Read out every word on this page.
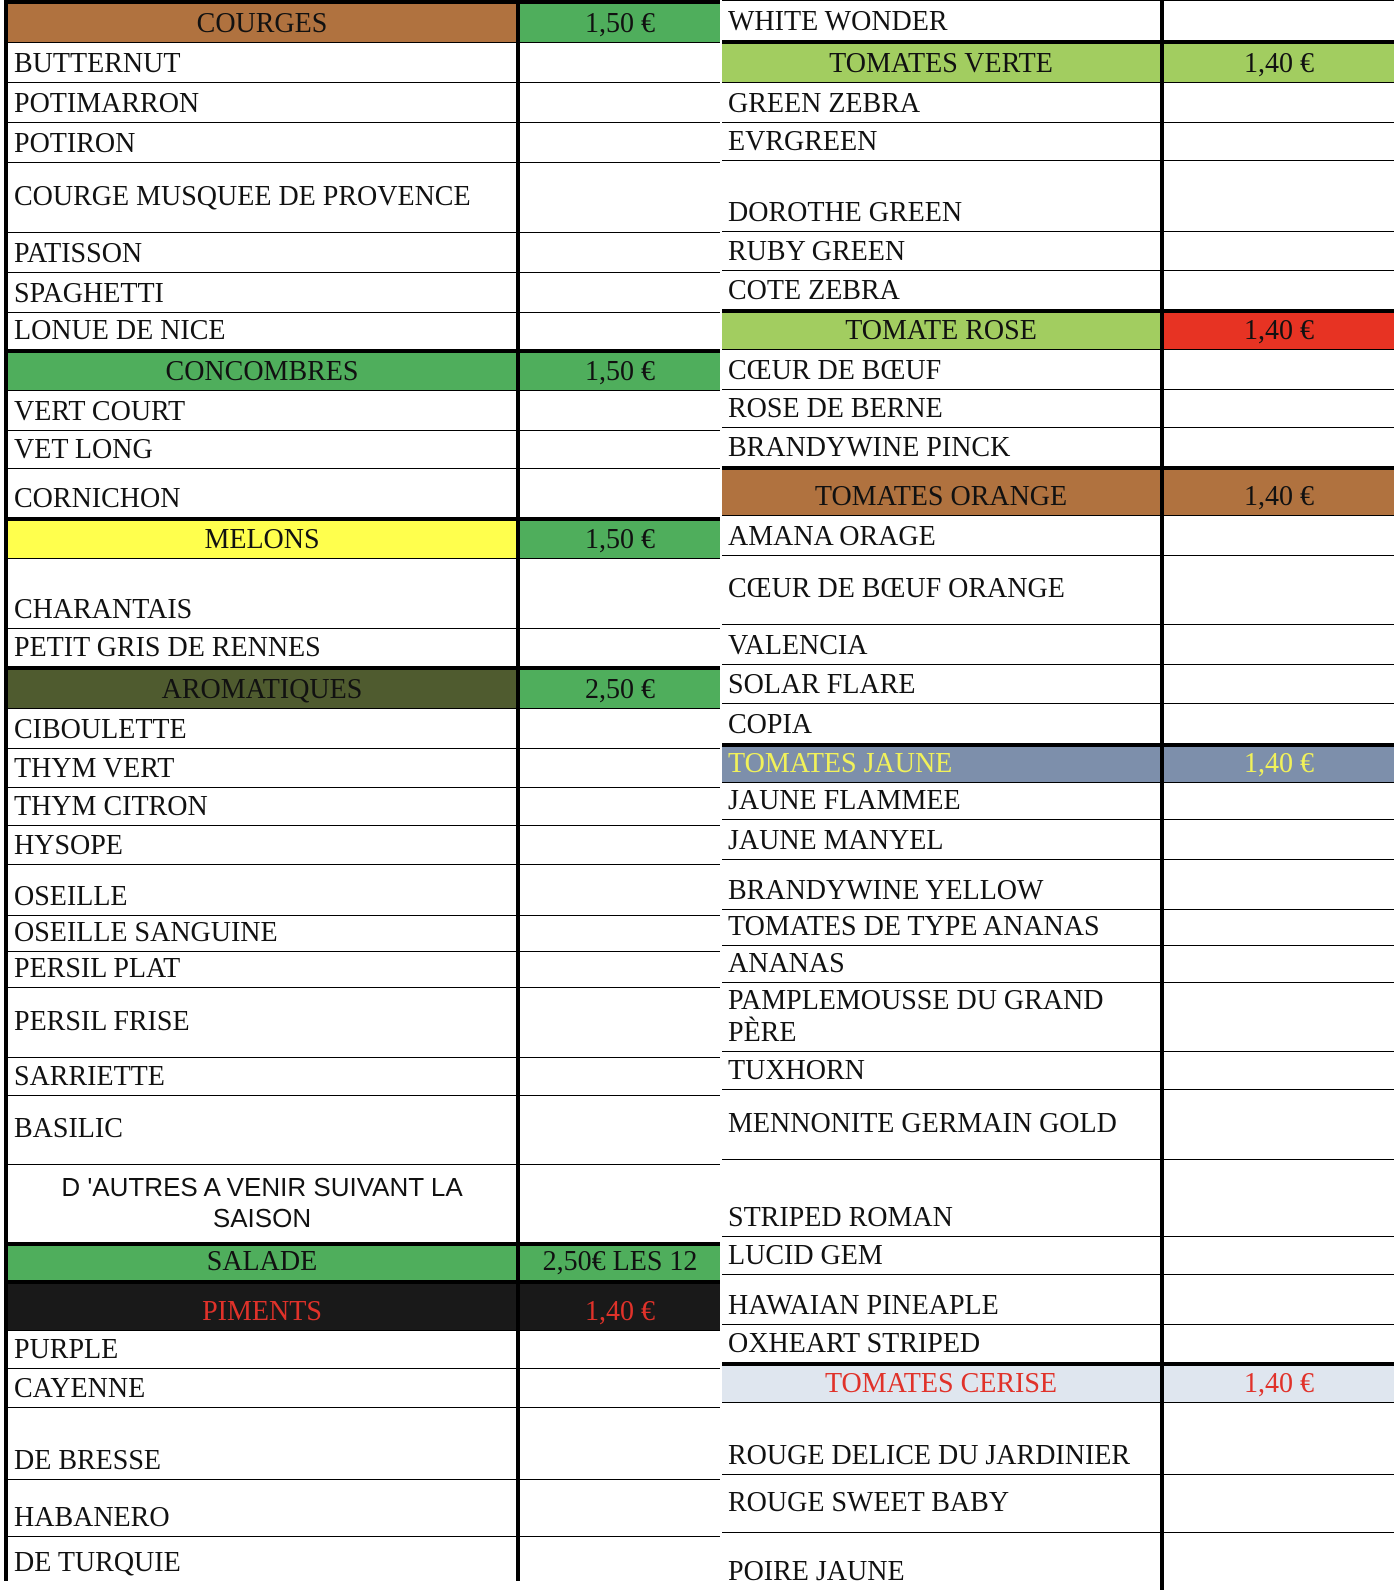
COURGES	1,50 €
BUTTERNUT
POTIMARRON
POTIRON
COURGE MUSQUEE DE PROVENCE
PATISSON
SPAGHETTI
LONUE DE NICE
CONCOMBRES	1,50 €
VERT COURT
VET LONG
CORNICHON
MELONS	1,50 €
CHARANTAIS
PETIT GRIS DE RENNES
AROMATIQUES	2,50 €
CIBOULETTE
THYM VERT
THYM CITRON
HYSOPE
OSEILLE
OSEILLE SANGUINE
PERSIL PLAT
PERSIL FRISE
SARRIETTE
BASILIC
D 'AUTRES A VENIR SUIVANT LA SAISON
SALADE	2,50€ LES 12
PIMENTS	1,40 €
PURPLE
CAYENNE
DE BRESSE
HABANERO
DE TURQUIE
WHITE WONDER
TOMATES VERTE	1,40 €
GREEN ZEBRA
EVRGREEN
DOROTHE GREEN
RUBY GREEN
COTE ZEBRA
TOMATE ROSE	1,40 €
CŒUR DE BŒUF
ROSE DE BERNE
BRANDYWINE PINCK
TOMATES ORANGE	1,40 €
AMANA ORAGE
CŒUR DE BŒUF ORANGE
VALENCIA
SOLAR FLARE
COPIA
TOMATES JAUNE	1,40 €
JAUNE FLAMMEE
JAUNE MANYEL
BRANDYWINE YELLOW
TOMATES DE TYPE ANANAS
ANANAS
PAMPLEMOUSSE DU GRAND PÈRE
TUXHORN
MENNONITE GERMAIN GOLD
STRIPED ROMAN
LUCID GEM
HAWAIAN PINEAPLE
OXHEART STRIPED
TOMATES CERISE	1,40 €
ROUGE DELICE DU JARDINIER
ROUGE SWEET BABY
POIRE JAUNE
